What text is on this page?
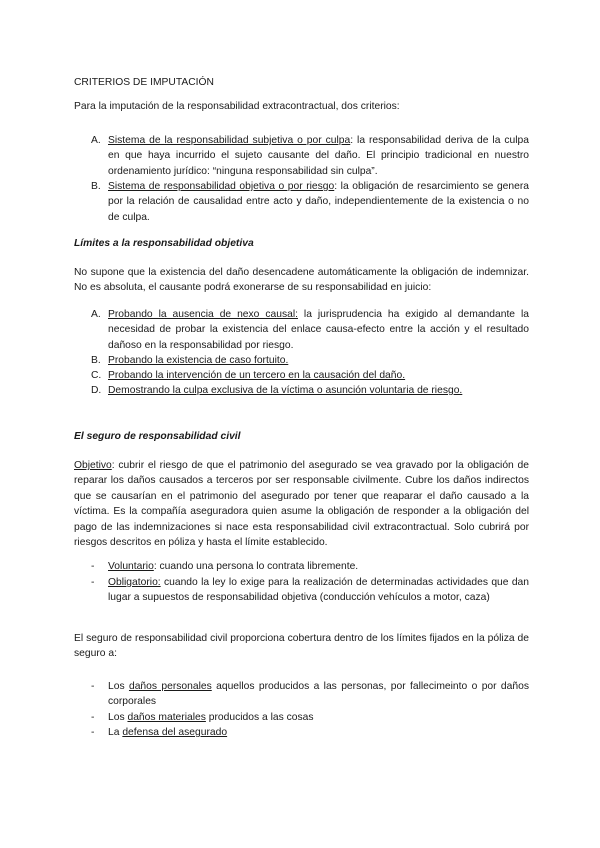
CRITERIOS DE IMPUTACIÓN
Para la imputación de la responsabilidad extracontractual, dos criterios:
A. Sistema de la responsabilidad subjetiva o por culpa: la responsabilidad deriva de la culpa en que haya incurrido el sujeto causante del daño. El principio tradicional en nuestro ordenamiento jurídico: “ninguna responsabilidad sin culpa”.
B. Sistema de responsabilidad objetiva o por riesgo: la obligación de resarcimiento se genera por la relación de causalidad entre acto y daño, independientemente de la existencia o no de culpa.
Límites a la responsabilidad objetiva
No supone que la existencia del daño desencadene automáticamente la obligación de indemnizar. No es absoluta, el causante podrá exonerarse de su responsabilidad en juicio:
A. Probando la ausencia de nexo causal: la jurisprudencia ha exigido al demandante la necesidad de probar la existencia del enlace causa-efecto entre la acción y el resultado dañoso en la responsabilidad por riesgo.
B. Probando la existencia de caso fortuito.
C. Probando la intervención de un tercero en la causación del daño.
D. Demostrando la culpa exclusiva de la víctima o asunción voluntaria de riesgo.
El seguro de responsabilidad civil
Objetivo: cubrir el riesgo de que el patrimonio del asegurado se vea gravado por la obligación de reparar los daños causados a terceros por ser responsable civilmente. Cubre los daños indirectos que se causarían en el patrimonio del asegurado por tener que reaparar el daño causado a la víctima. Es la compañía aseguradora quien asume la obligación de responder a la obligación del pago de las indemnizaciones si nace esta responsabilidad civil extracontractual. Solo cubrirá por riesgos descritos en póliza y hasta el límite establecido.
- Voluntario: cuando una persona lo contrata libremente.
- Obligatorio: cuando la ley lo exige para la realización de determinadas actividades que dan lugar a supuestos de responsabilidad objetiva (conducción vehículos a motor, caza)
El seguro de responsabilidad civil proporciona cobertura dentro de los límites fijados en la póliza de seguro a:
- Los daños personales aquellos producidos a las personas, por fallecimeinto o por daños corporales
- Los daños materiales producidos a las cosas
- La defensa del asegurado
